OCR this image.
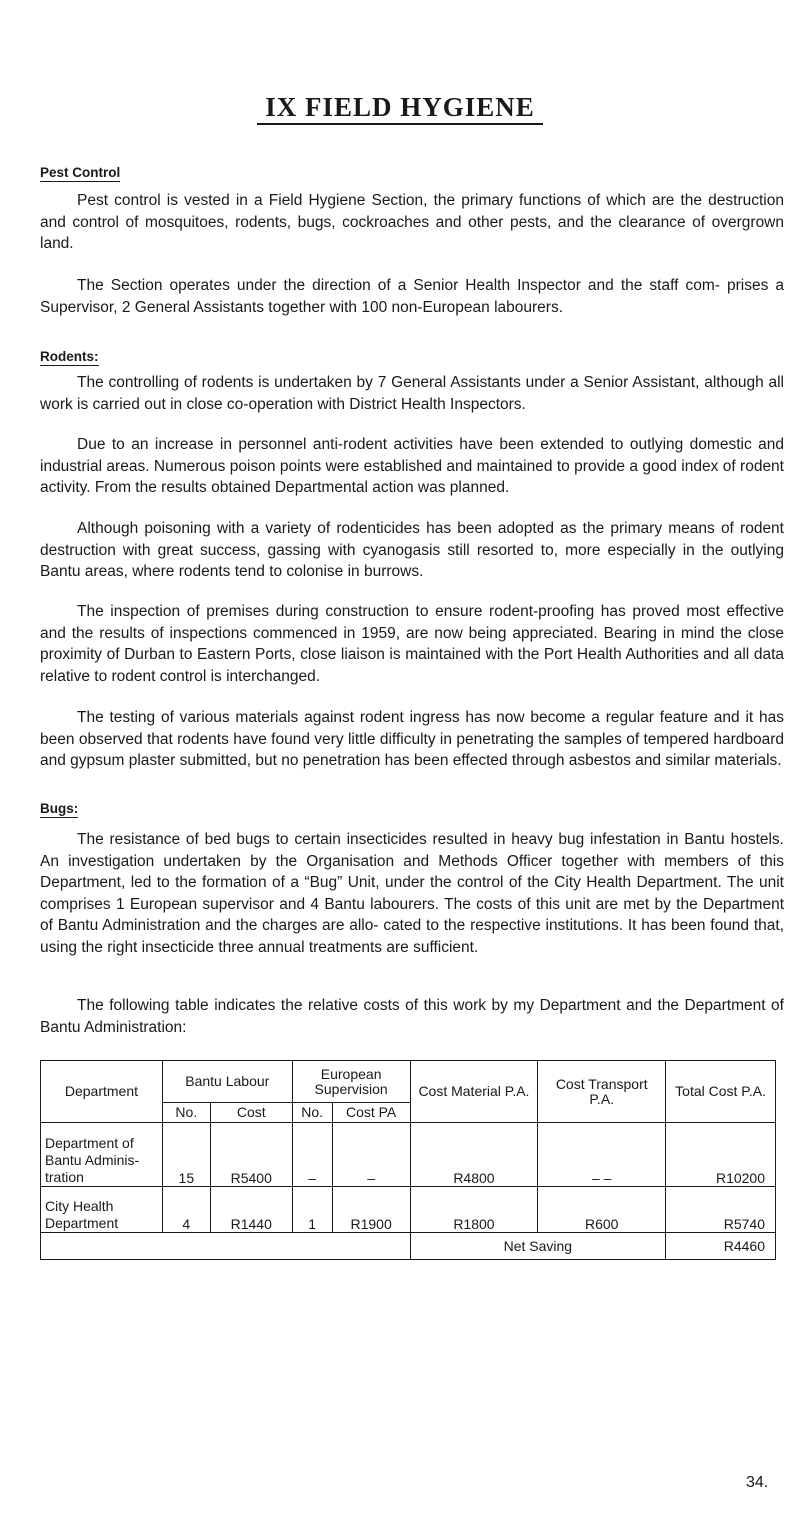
IX FIELD HYGIENE
Pest Control

Pest control is vested in a Field Hygiene Section, the primary functions of which are the destruction and control of mosquitoes, rodents, bugs, cockroaches and other pests, and the clearance of overgrown land.

The Section operates under the direction of a Senior Health Inspector and the staff com- prises a Supervisor, 2 General Assistants together with 100 non-European labourers.

Rodents:

The controlling of rodents is undertaken by 7 General Assistants under a Senior Assistant, although all work is carried out in close co-operation with District Health Inspectors.

Due to an increase in personnel anti-rodent activities have been extended to outlying domestic and industrial areas. Numerous poison points were established and maintained to provide a good index of rodent activity. From the results obtained Departmental action was planned.

Although poisoning with a variety of rodenticides has been adopted as the primary means of rodent destruction with great success, gassing with cyanogasis still resorted to, more especially in the outlying Bantu areas, where rodents tend to colonise in burrows.

The inspection of premises during construction to ensure rodent-proofing has proved most effective and the results of inspections commenced in 1959, are now being appreciated. Bearing in mind the close proximity of Durban to Eastern Ports, close liaison is maintained with the Port Health Authorities and all data relative to rodent control is interchanged.

The testing of various materials against rodent ingress has now become a regular feature and it has been observed that rodents have found very little difficulty in penetrating the samples of tempered hardboard and gypsum plaster submitted, but no penetration has been effected through asbestos and similar materials.

Bugs:

The resistance of bed bugs to certain insecticides resulted in heavy bug infestation in Bantu hostels. An investigation undertaken by the Organisation and Methods Officer together with members of this Department, led to the formation of a “Bug” Unit, under the control of the City Health Department. The unit comprises 1 European supervisor and 4 Bantu labourers. The costs of this unit are met by the Department of Bantu Administration and the charges are allo- cated to the respective institutions. It has been found that, using the right insecticide three annual treatments are sufficient.

The following table indicates the relative costs of this work by my Department and the Department of Bantu Administration:

Department	Bantu Labour		European Supervision		Cost Material P.A.	Cost Transport P.A.	Total Cost P.A.
	No.	Cost	No.	Cost PA			
Department of Bantu Adminis- tration	15	R5400	–	–	R4800	– –	R10200
City Health Department	4	R1440	1	R1900	R1800	R600	R5740
					Net Saving		R4460
34.
